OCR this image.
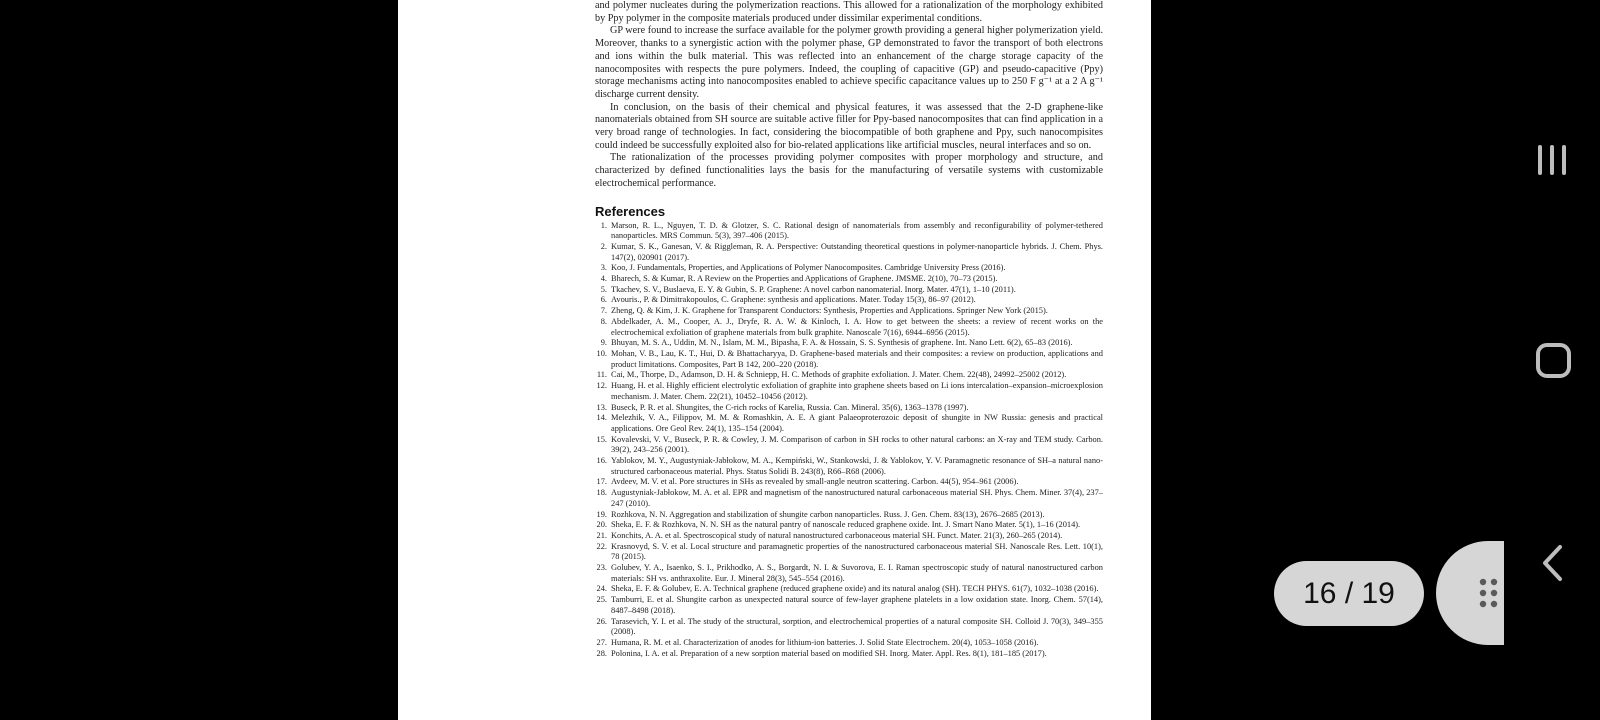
and polymer nucleates during the polymerization reactions. This allowed for a rationalization of the morphology exhibited by Ppy polymer in the composite materials produced under dissimilar experimental conditions.

GP were found to increase the surface available for the polymer growth providing a general higher polymerization yield. Moreover, thanks to a synergistic action with the polymer phase, GP demonstrated to favor the transport of both electrons and ions within the bulk material. This was reflected into an enhancement of the charge storage capacity of the nanocomposites with respects the pure polymers. Indeed, the coupling of capacitive (GP) and pseudo-capacitive (Ppy) storage mechanisms acting into nanocomposites enabled to achieve specific capacitance values up to 250 F g⁻¹ at a 2 A g⁻¹ discharge current density.

In conclusion, on the basis of their chemical and physical features, it was assessed that the 2-D graphene-like nanomaterials obtained from SH source are suitable active filler for Ppy-based nanocomposites that can find application in a very broad range of technologies. In fact, considering the biocompatible of both graphene and Ppy, such nanocompisites could indeed be successfully exploited also for bio-related applications like artificial muscles, neural interfaces and so on.

The rationalization of the processes providing polymer composites with proper morphology and structure, and characterized by defined functionalities lays the basis for the manufacturing of versatile systems with customizable electrochemical performance.

References
1. Marson, R. L., Nguyen, T. D. & Glotzer, S. C. Rational design of nanomaterials from assembly and reconfigurability of polymer-tethered nanoparticles. MRS Commun. 5(3), 397–406 (2015).
2. Kumar, S. K., Ganesan, V. & Riggleman, R. A. Perspective: Outstanding theoretical questions in polymer-nanoparticle hybrids. J. Chem. Phys. 147(2), 020901 (2017).
3. Koo, J. Fundamentals, Properties, and Applications of Polymer Nanocomposites. Cambridge University Press (2016).
4. Bharech, S. & Kumar, R. A Review on the Properties and Applications of Graphene. JMSME. 2(10), 70–73 (2015).
5. Tkachev, S. V., Buslaeva, E. Y. & Gubin, S. P. Graphene: A novel carbon nanomaterial. Inorg. Mater. 47(1), 1–10 (2011).
6. Avouris., P. & Dimitrakopoulos, C. Graphene: synthesis and applications. Mater. Today 15(3), 86–97 (2012).
7. Zheng, Q. & Kim, J. K. Graphene for Transparent Conductors: Synthesis, Properties and Applications. Springer New York (2015).
8. Abdelkader, A. M., Cooper, A. J., Dryfe, R. A. W. & Kinloch, I. A. How to get between the sheets: a review of recent works on the electrochemical exfoliation of graphene materials from bulk graphite. Nanoscale 7(16), 6944–6956 (2015).
9. Bhuyan, M. S. A., Uddin, M. N., Islam, M. M., Bipasha, F. A. & Hossain, S. S. Synthesis of graphene. Int. Nano Lett. 6(2), 65–83 (2016).
10. Mohan, V. B., Lau, K. T., Hui, D. & Bhattacharyya, D. Graphene-based materials and their composites: a review on production, applications and product limitations. Composites, Part B 142, 200–220 (2018).
11. Cai, M., Thorpe, D., Adamson, D. H. & Schniepp, H. C. Methods of graphite exfoliation. J. Mater. Chem. 22(48), 24992–25002 (2012).
12. Huang, H. et al. Highly efficient electrolytic exfoliation of graphite into graphene sheets based on Li ions intercalation–expansion–microexplosion mechanism. J. Mater. Chem. 22(21), 10452–10456 (2012).
13. Buseck, P. R. et al. Shungites, the C-rich rocks of Karelia, Russia. Can. Mineral. 35(6), 1363–1378 (1997).
14. Melezhik, V. A., Filippov, M. M. & Romashkin, A. E. A giant Palaeoproterozoic deposit of shungite in NW Russia: genesis and practical applications. Ore Geol Rev. 24(1), 135–154 (2004).
15. Kovalevski, V. V., Buseck, P. R. & Cowley, J. M. Comparison of carbon in SH rocks to other natural carbons: an X-ray and TEM study. Carbon. 39(2), 243–256 (2001).
16. Yablokov, M. Y., Augustyniak-Jabłokow, M. A., Kempiński, W., Stankowski, J. & Yablokov, Y. V. Paramagnetic resonance of SH–a natural nano-structured carbonaceous material. Phys. Status Solidi B. 243(8), R66–R68 (2006).
17. Avdeev, M. V. et al. Pore structures in SHs as revealed by small-angle neutron scattering. Carbon. 44(5), 954–961 (2006).
18. Augustyniak-Jabłokow, M. A. et al. EPR and magnetism of the nanostructured natural carbonaceous material SH. Phys. Chem. Miner. 37(4), 237–247 (2010).
19. Rozhkova, N. N. Aggregation and stabilization of shungite carbon nanoparticles. Russ. J. Gen. Chem. 83(13), 2676–2685 (2013).
20. Sheka, E. F. & Rozhkova, N. N. SH as the natural pantry of nanoscale reduced graphene oxide. Int. J. Smart Nano Mater. 5(1), 1–16 (2014).
21. Konchits, A. A. et al. Spectroscopical study of natural nanostructured carbonaceous material SH. Funct. Mater. 21(3), 260–265 (2014).
22. Krasnovyd, S. V. et al. Local structure and paramagnetic properties of the nanostructured carbonaceous material SH. Nanoscale Res. Lett. 10(1), 78 (2015).
23. Golubev, Y. A., Isaenko, S. I., Prikhodko, A. S., Borgardt, N. I. & Suvorova, E. I. Raman spectroscopic study of natural nanostructured carbon materials: SH vs. anthraxolite. Eur. J. Mineral 28(3), 545–554 (2016).
24. Sheka, E. F. & Golubev, E. A. Technical graphene (reduced graphene oxide) and its natural analog (SH). TECH PHYS. 61(7), 1032–1038 (2016).
25. Tamburri, E. et al. Shungite carbon as unexpected natural source of few-layer graphene platelets in a low oxidation state. Inorg. Chem. 57(14), 8487–8498 (2018).
26. Tarasevich, Y. I. et al. The study of the structural, sorption, and electrochemical properties of a natural composite SH. Colloid J. 70(3), 349–355 (2008).
27. Humana, R. M. et al. Characterization of anodes for lithium-ion batteries. J. Solid State Electrochem. 20(4), 1053–1058 (2016).
28. Polonina, I. A. et al. Preparation of a new sorption material based on modified SH. Inorg. Mater. Appl. Res. 8(1), 181–185 (2017).
16 / 19
